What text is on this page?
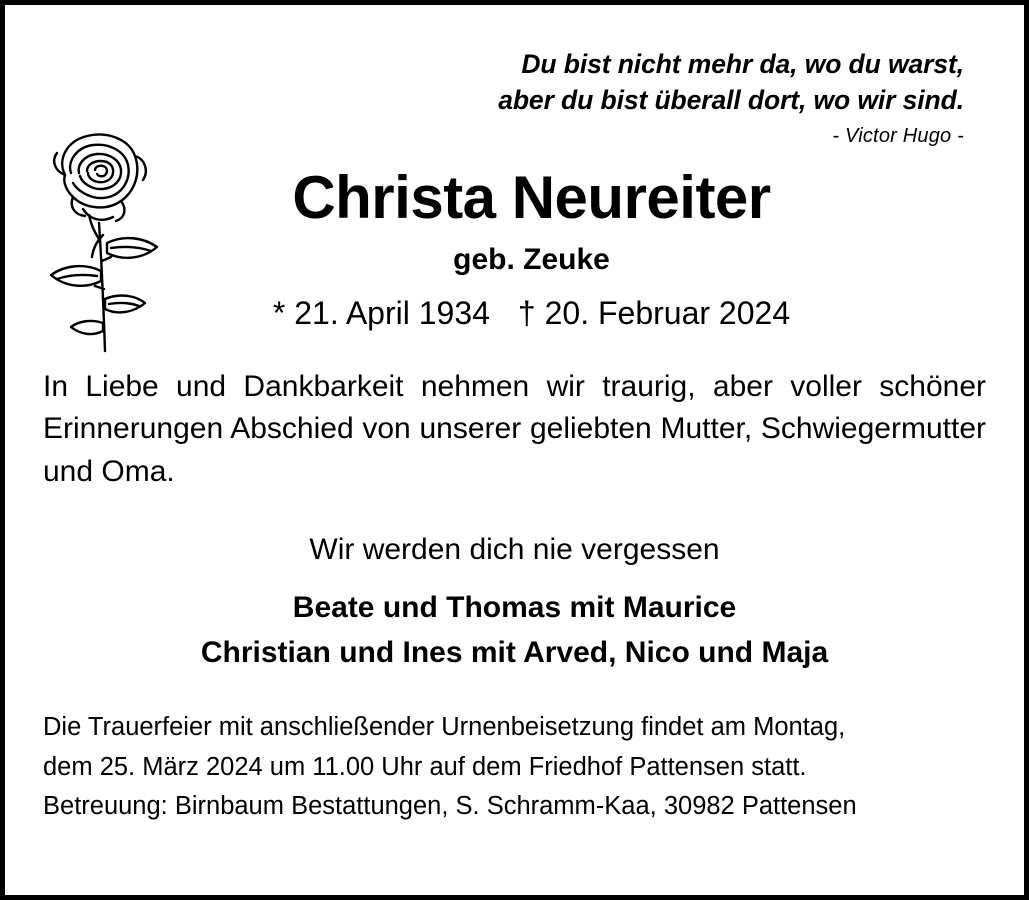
Du bist nicht mehr da, wo du warst,
aber du bist überall dort, wo wir sind.
- Victor Hugo -
Christa Neureiter
geb. Zeuke
* 21. April 1934 † 20. Februar 2024
In Liebe und Dankbarkeit nehmen wir traurig, aber voller schöner Erinnerungen Abschied von unserer geliebten Mutter, Schwiegermutter und Oma.
Wir werden dich nie vergessen
Beate und Thomas mit Maurice
Christian und Ines mit Arved, Nico und Maja
Die Trauerfeier mit anschließender Urnenbeisetzung findet am Montag,
dem 25. März 2024 um 11.00 Uhr auf dem Friedhof Pattensen statt.
Betreuung: Birnbaum Bestattungen, S. Schramm-Kaa, 30982 Pattensen
